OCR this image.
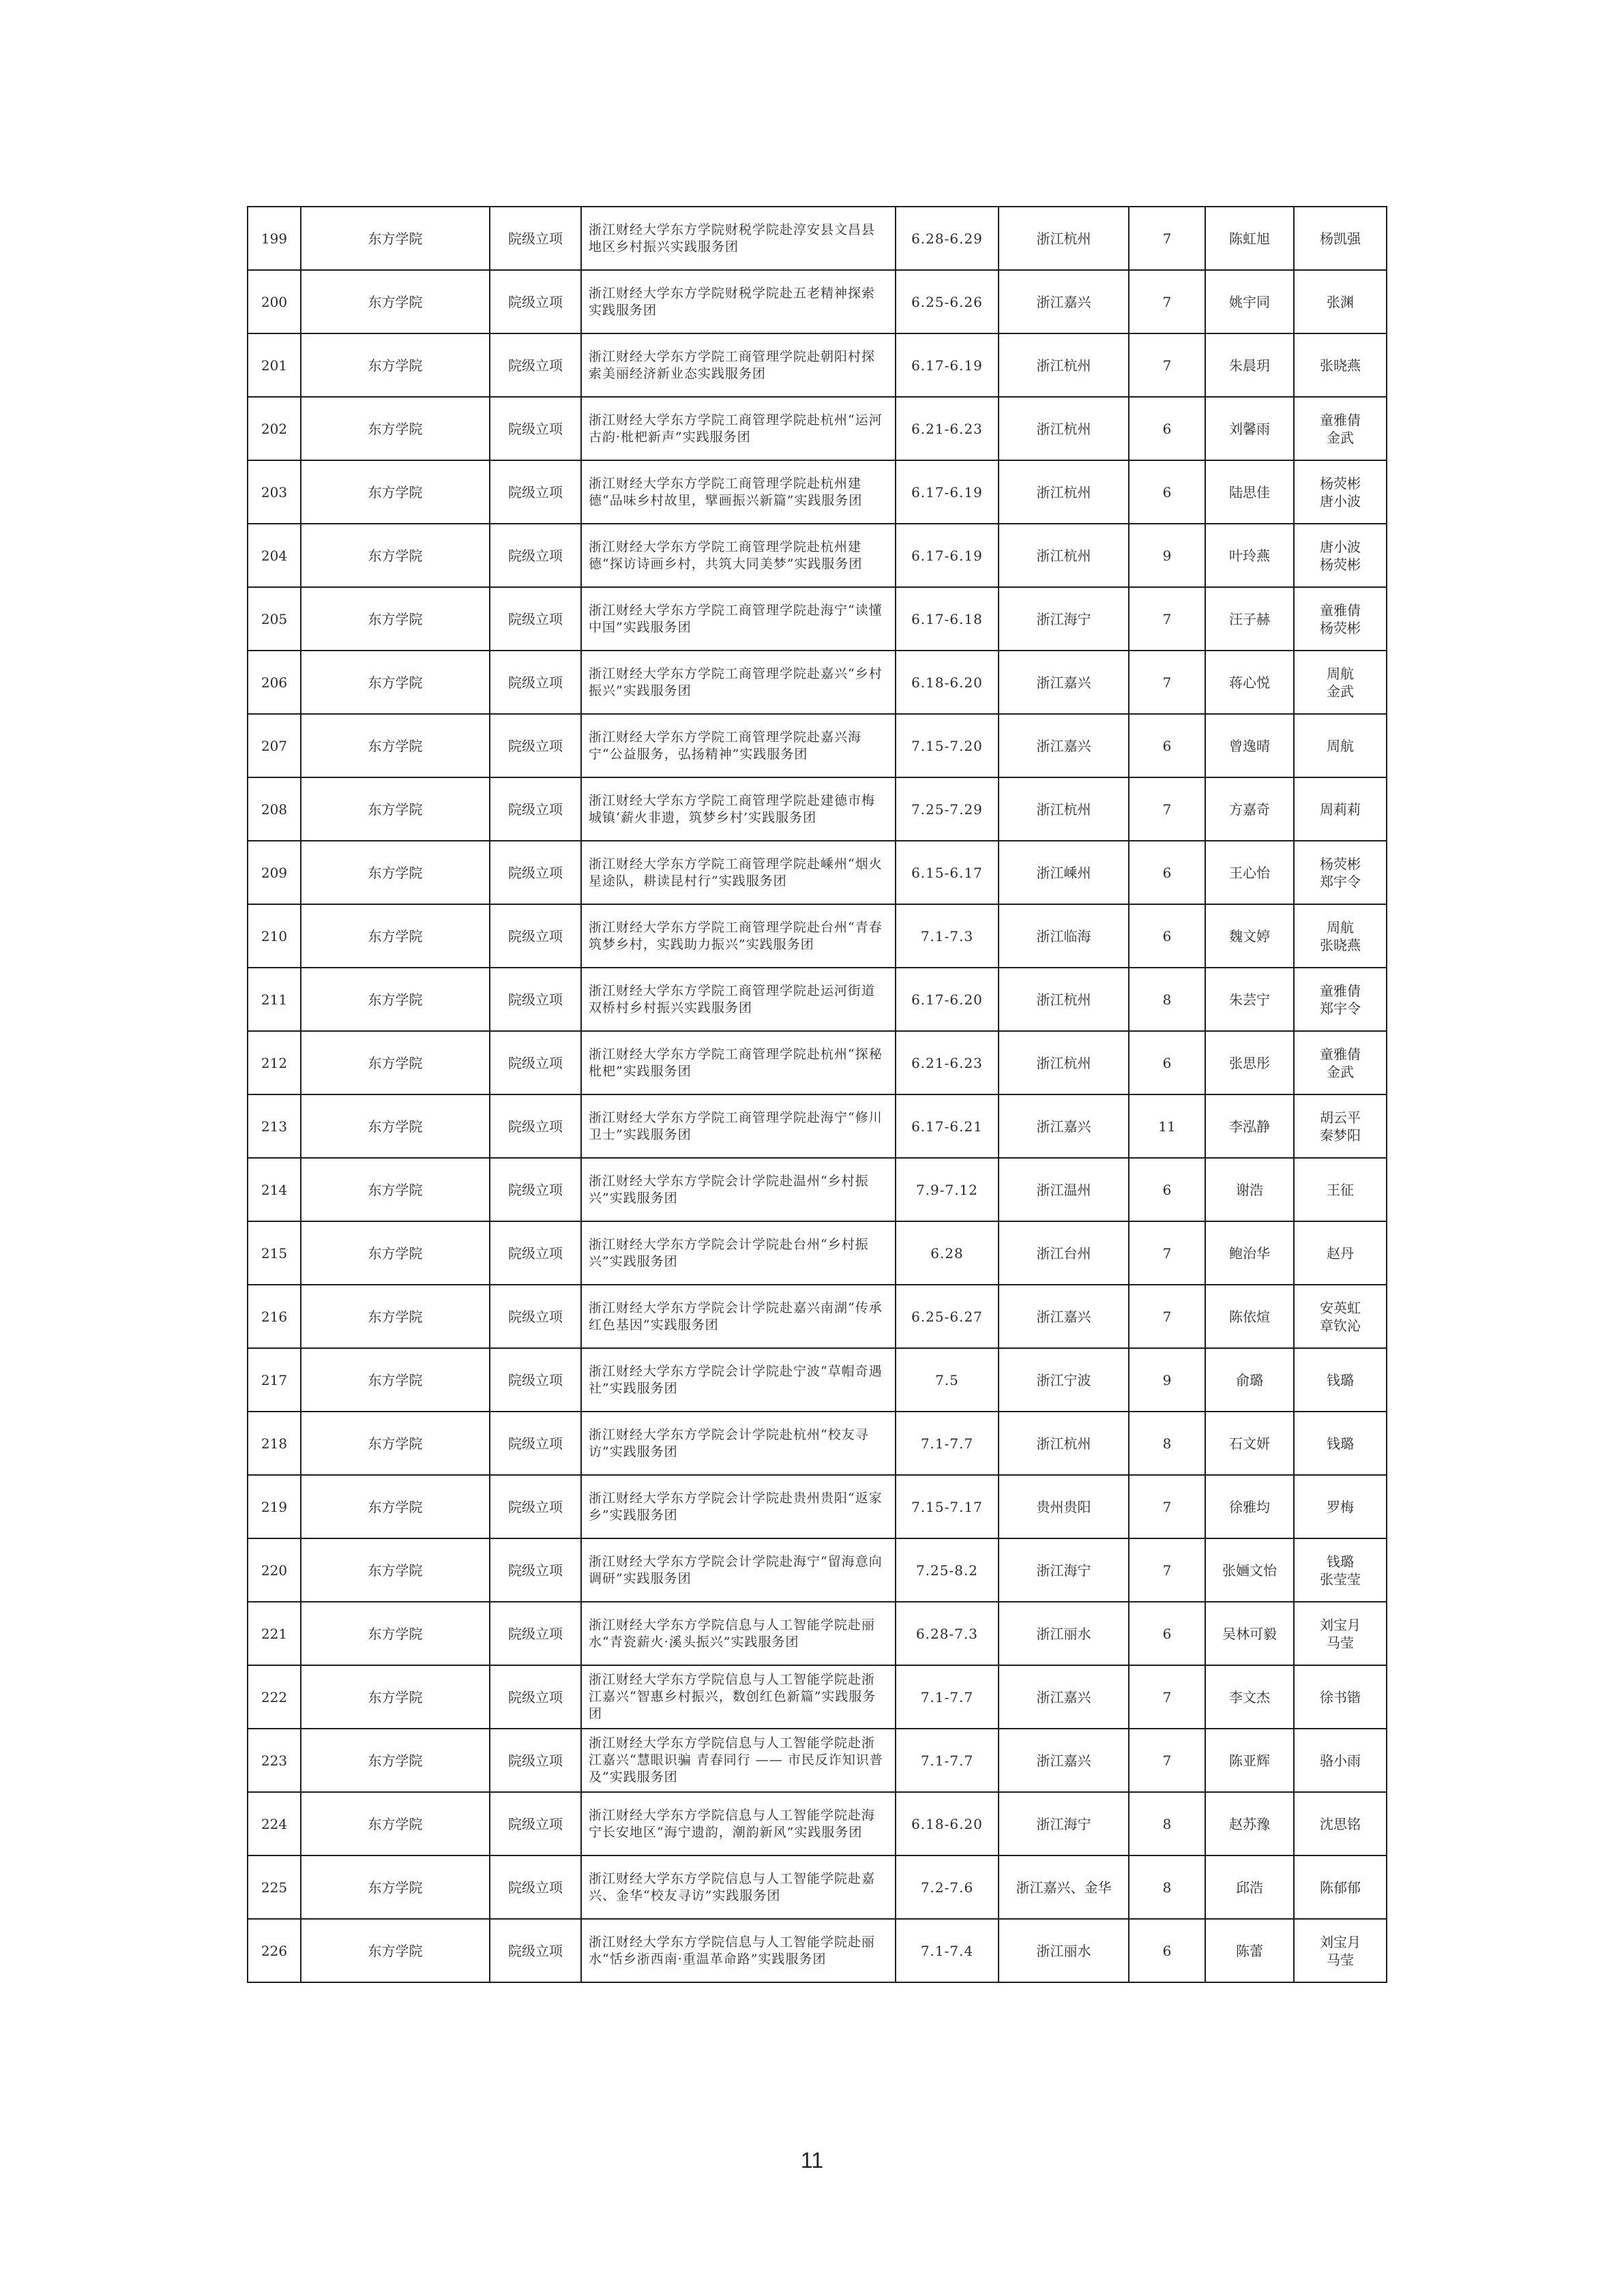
199	东方学院	院级立项	浙江财经大学东方学院财税学院赴淳安县文昌县地区乡村振兴实践服务团	6.28-6.29	浙江杭州	7	陈虹旭	杨凯强

200	东方学院	院级立项	浙江财经大学东方学院财税学院赴五老精神探索实践服务团	6.25-6.26	浙江嘉兴	7	姚宇同	张渊

201	东方学院	院级立项	浙江财经大学东方学院工商管理学院赴朝阳村探索美丽经济新业态实践服务团	6.17-6.19	浙江杭州	7	朱晨玥	张晓燕

202	东方学院	院级立项	浙江财经大学东方学院工商管理学院赴杭州“运河古韵·枇杷新声”实践服务团	6.21-6.23	浙江杭州	6	刘馨雨	童雅倩
金武

203	东方学院	院级立项	浙江财经大学东方学院工商管理学院赴杭州建德“品味乡村故里，擘画振兴新篇”实践服务团	6.17-6.19	浙江杭州	6	陆思佳	杨荧彬
唐小波

204	东方学院	院级立项	浙江财经大学东方学院工商管理学院赴杭州建德“探访诗画乡村，共筑大同美梦”实践服务团	6.17-6.19	浙江杭州	9	叶玲燕	唐小波
杨荧彬

205	东方学院	院级立项	浙江财经大学东方学院工商管理学院赴海宁“读懂中国”实践服务团	6.17-6.18	浙江海宁	7	汪子赫	童雅倩
杨荧彬

206	东方学院	院级立项	浙江财经大学东方学院工商管理学院赴嘉兴“乡村振兴”实践服务团	6.18-6.20	浙江嘉兴	7	蒋心悦	周航
金武

207	东方学院	院级立项	浙江财经大学东方学院工商管理学院赴嘉兴海宁“公益服务，弘扬精神”实践服务团	7.15-7.20	浙江嘉兴	6	曾逸晴	周航

208	东方学院	院级立项	浙江财经大学东方学院工商管理学院赴建德市梅城镇‘薪火非遗，筑梦乡村’实践服务团	7.25-7.29	浙江杭州	7	方嘉奇	周莉莉

209	东方学院	院级立项	浙江财经大学东方学院工商管理学院赴嵊州“烟火星途队，耕读昆村行”实践服务团	6.15-6.17	浙江嵊州	6	王心怡	杨荧彬
郑宇令

210	东方学院	院级立项	浙江财经大学东方学院工商管理学院赴台州“青春筑梦乡村，实践助力振兴”实践服务团	7.1-7.3	浙江临海	6	魏文婷	周航
张晓燕

211	东方学院	院级立项	浙江财经大学东方学院工商管理学院赴运河街道双桥村乡村振兴实践服务团	6.17-6.20	浙江杭州	8	朱芸宁	童雅倩
郑宇令

212	东方学院	院级立项	浙江财经大学东方学院工商管理学院赴杭州“探秘枇杷”实践服务团	6.21-6.23	浙江杭州	6	张思彤	童雅倩
金武

213	东方学院	院级立项	浙江财经大学东方学院工商管理学院赴海宁“修川卫士”实践服务团	6.17-6.21	浙江嘉兴	11	李泓静	胡云平
秦梦阳

214	东方学院	院级立项	浙江财经大学东方学院会计学院赴温州“乡村振兴”实践服务团	7.9-7.12	浙江温州	6	谢浩	王征

215	东方学院	院级立项	浙江财经大学东方学院会计学院赴台州“乡村振兴”实践服务团	6.28	浙江台州	7	鲍治华	赵丹

216	东方学院	院级立项	浙江财经大学东方学院会计学院赴嘉兴南湖“传承红色基因”实践服务团	6.25-6.27	浙江嘉兴	7	陈依煊	安英虹
章钦沁

217	东方学院	院级立项	浙江财经大学东方学院会计学院赴宁波“草帽奇遇社”实践服务团	7.5	浙江宁波	9	俞璐	钱璐

218	东方学院	院级立项	浙江财经大学东方学院会计学院赴杭州“校友寻访”实践服务团	7.1-7.7	浙江杭州	8	石文妍	钱璐

219	东方学院	院级立项	浙江财经大学东方学院会计学院赴贵州贵阳“返家乡”实践服务团	7.15-7.17	贵州贵阳	7	徐雅均	罗梅

220	东方学院	院级立项	浙江财经大学东方学院会计学院赴海宁“留海意向调研”实践服务团	7.25-8.2	浙江海宁	7	张婳文怡	钱璐
张莹莹

221	东方学院	院级立项	浙江财经大学东方学院信息与人工智能学院赴丽水“青瓷薪火·溪头振兴”实践服务团	6.28-7.3	浙江丽水	6	吴林可毅	刘宝月
马莹

222	东方学院	院级立项	浙江财经大学东方学院信息与人工智能学院赴浙江嘉兴“智惠乡村振兴，数创红色新篇”实践服务团	7.1-7.7	浙江嘉兴	7	李文杰	徐书锴

223	东方学院	院级立项	浙江财经大学东方学院信息与人工智能学院赴浙江嘉兴“慧眼识骗 青春同行 —— 市民反诈知识普及”实践服务团	7.1-7.7	浙江嘉兴	7	陈亚辉	骆小雨

224	东方学院	院级立项	浙江财经大学东方学院信息与人工智能学院赴海宁长安地区“海宁遗韵，潮韵新风”实践服务团	6.18-6.20	浙江海宁	8	赵苏豫	沈思铭

225	东方学院	院级立项	浙江财经大学东方学院信息与人工智能学院赴嘉兴、金华“校友寻访”实践服务团	7.2-7.6	浙江嘉兴、金华	8	邱浩	陈郁郁

226	东方学院	院级立项	浙江财经大学东方学院信息与人工智能学院赴丽水“恬乡浙西南·重温革命路”实践服务团	7.1-7.4	浙江丽水	6	陈蕾	刘宝月
马莹
11
